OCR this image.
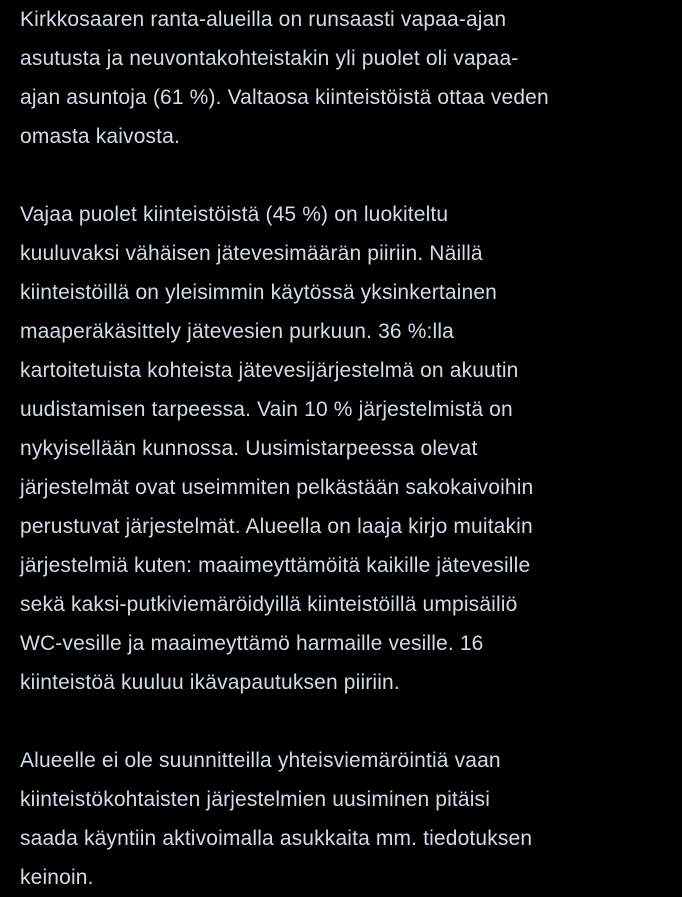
Kirkkosaaren ranta-alueilla on runsaasti vapaa-ajan
asutusta ja neuvontakohteistakin yli puolet oli vapaa-
ajan asuntoja (61 %). Valtaosa kiinteistöistä ottaa veden
omasta kaivosta.
Vajaa puolet kiinteistöistä (45 %) on luokiteltu
kuuluvaksi vähäisen jätevesimäärän piiriin. Näillä
kiinteistöillä on yleisimmin käytössä yksinkertainen
maaperäkäsittely jätevesien purkuun. 36 %:lla
kartoitetuista kohteista jätevesijärjestelmä on akuutin
uudistamisen tarpeessa. Vain 10 % järjestelmistä on
nykyisellään kunnossa. Uusimistarpeessa olevat
järjestelmät ovat useimmiten pelkästään sakokaivoihin
perustuvat järjestelmät. Alueella on laaja kirjo muitakin
järjestelmiä kuten: maaimeyttämöitä kaikille jätevesille
sekä kaksi-putkiviemäröidyillä kiinteistöillä umpisäiliö
WC-vesille ja maaimeyttämö harmaille vesille. 16
kiinteistöä kuuluu ikävapautuksen piiriin.
Alueelle ei ole suunnitteilla yhteisviemäröintiä vaan
kiinteistökohtaisten järjestelmien uusiminen pitäisi
saada käyntiin aktivoimalla asukkaita mm. tiedotuksen
keinoin.
